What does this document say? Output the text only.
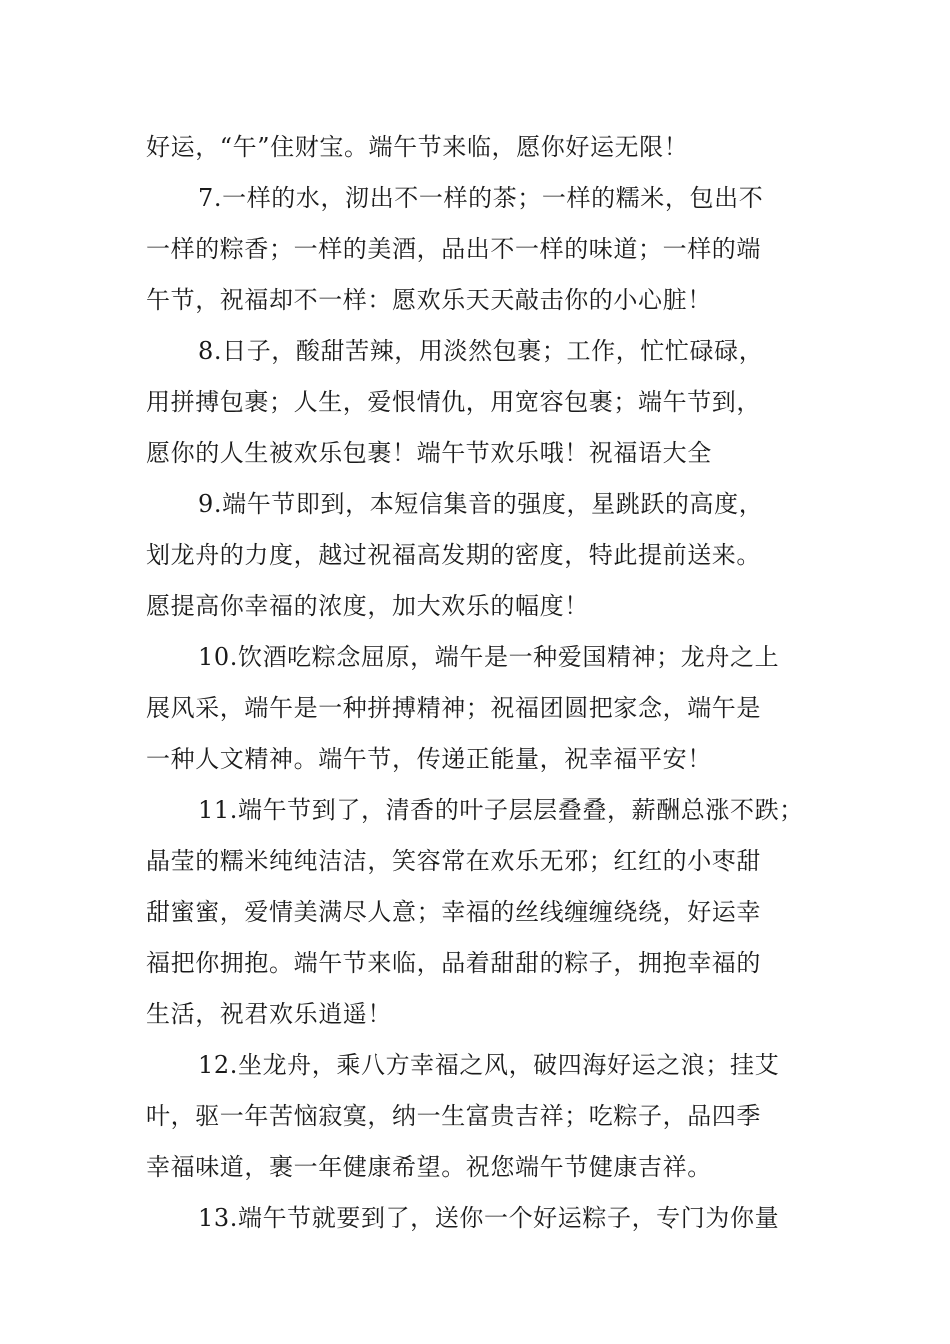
好运，“午”住财宝。端午节来临，愿你好运无限！
7.一样的水，沏出不一样的茶；一样的糯米，包出不
一样的粽香；一样的美酒，品出不一样的味道；一样的端
午节，祝福却不一样：愿欢乐天天敲击你的小心脏！
8.日子，酸甜苦辣，用淡然包裹；工作，忙忙碌碌，
用拼搏包裹；人生，爱恨情仇，用宽容包裹；端午节到，
愿你的人生被欢乐包裹！端午节欢乐哦！祝福语大全
9.端午节即到，本短信集音的强度，星跳跃的高度，
划龙舟的力度，越过祝福高发期的密度，特此提前送来。
愿提高你幸福的浓度，加大欢乐的幅度！
10.饮酒吃粽念屈原，端午是一种爱国精神；龙舟之上
展风采，端午是一种拼搏精神；祝福团圆把家念，端午是
一种人文精神。端午节，传递正能量，祝幸福平安！
11.端午节到了，清香的叶子层层叠叠，薪酬总涨不跌；
晶莹的糯米纯纯洁洁，笑容常在欢乐无邪；红红的小枣甜
甜蜜蜜，爱情美满尽人意；幸福的丝线缠缠绕绕，好运幸
福把你拥抱。端午节来临，品着甜甜的粽子，拥抱幸福的
生活，祝君欢乐逍遥！
12.坐龙舟，乘八方幸福之风，破四海好运之浪；挂艾
叶，驱一年苦恼寂寞，纳一生富贵吉祥；吃粽子，品四季
幸福味道，裹一年健康希望。祝您端午节健康吉祥。
13.端午节就要到了，送你一个好运粽子，专门为你量
